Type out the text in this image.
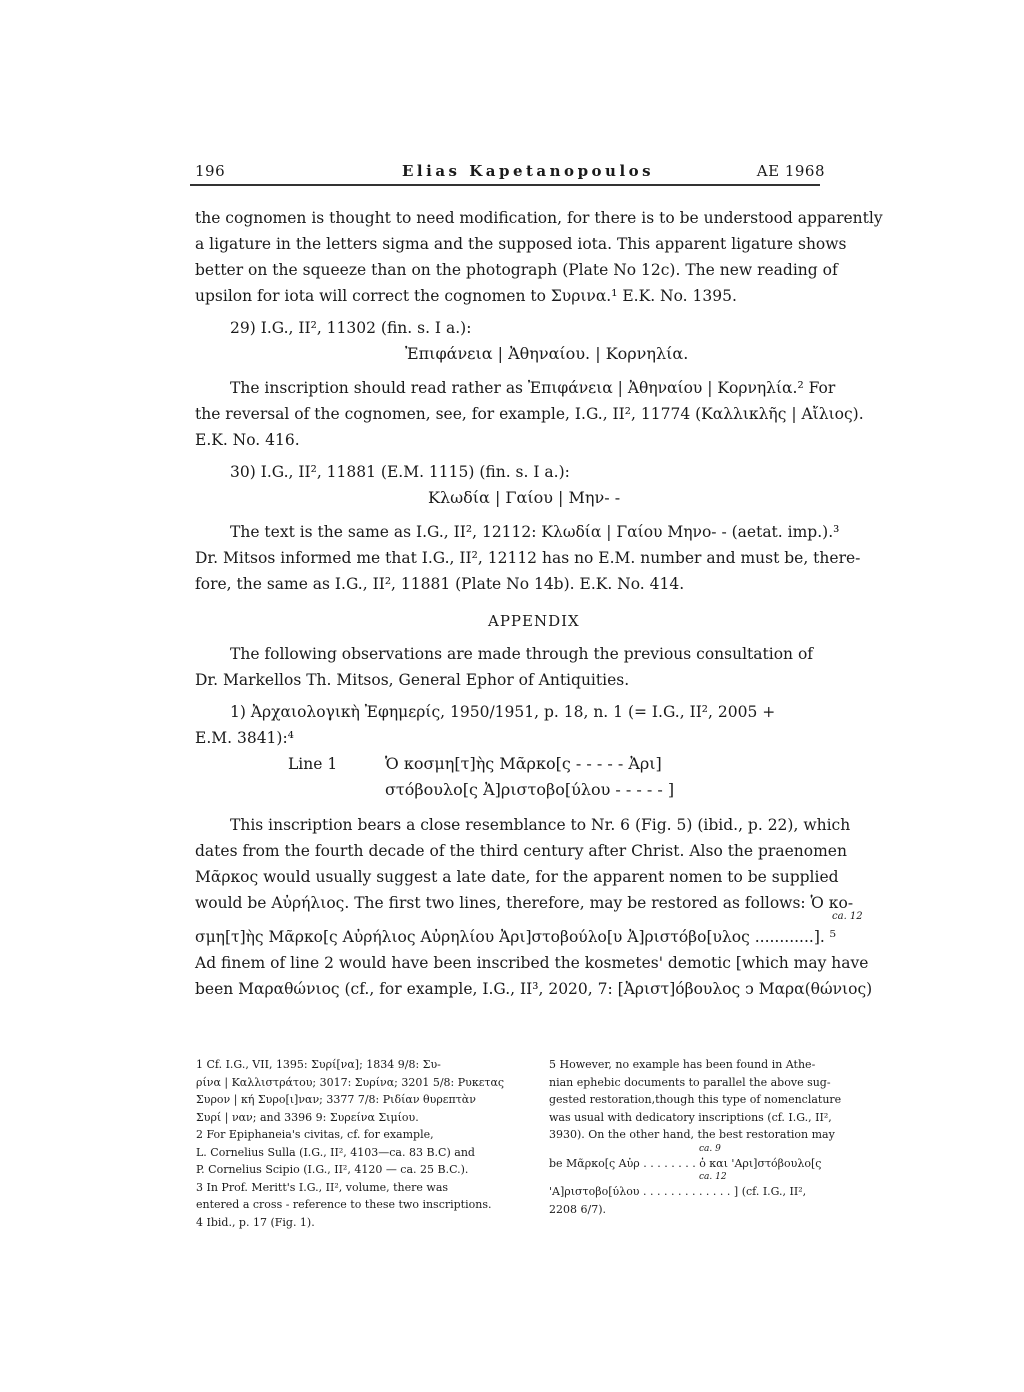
196	Elias Kapetanopoulos	AE 1968
the cognomen is thought to need modification, for there is to be understood apparently
a ligature in the letters sigma and the supposed iota. This apparent ligature shows
better on the squeeze than on the photograph (Plate No 12c). The new reading of
upsilon for iota will correct the cognomen to Συρινα.¹ E.K. No. 1395.
29) I.G., II², 11302 (fin. s. I a.):
Ἐπιφάνεια | Ἀθηναίου. | Κορνηλία.
The inscription should read rather as Ἐπιφάνεια | Ἀθηναίου | Κορνηλία.² For
the reversal of the cognomen, see, for example, I.G., II², 11774 (Καλλικλῆς | Αἴλιος).
E.K. No. 416.
30) I.G., II², 11881 (E.M. 1115) (fin. s. I a.):
Κλωδία | Γαίου | Μην- -
The text is the same as I.G., II², 12112: Κλωδία | Γαίου Μηνο- - (aetat. imp.).³
Dr. Mitsos informed me that I.G., II², 12112 has no E.M. number and must be, there-
fore, the same as I.G., II², 11881 (Plate No 14b). E.K. No. 414.
APPENDIX
The following observations are made through the previous consultation of
Dr. Markellos Th. Mitsos, General Ephor of Antiquities.
1) Ἀρχαιολογικὴ Ἐφημερίς, 1950/1951, p. 18, n. 1 (= I.G., II², 2005 +
E.M. 3841):⁴
Line 1	Ὁ κοσμη[τ]ὴς Μᾶρκο[ς - - - - - Ἀρι]
στόβουλο[ς Ἀ]ριστοβο[ύλου - - - - - ]
This inscription bears a close resemblance to Nr. 6 (Fig. 5) (ibid., p. 22), which
dates from the fourth decade of the third century after Christ. Also the praenomen
Μᾶρκος would usually suggest a late date, for the apparent nomen to be supplied
would be Αὐρήλιος. The first two lines, therefore, may be restored as follows: Ὁ κο-
ca. 12
σμη[τ]ὴς Μᾶρκο[ς Αὐρήλιος Αὐρηλίου Ἀρι]στοβούλο[υ Ἀ]ριστόβο[υλος ............]. ⁵
Ad finem of line 2 would have been inscribed the kosmetes' demotic [which may have
been Μαραθώνιος (cf., for example, I.G., II³, 2020, 7: [Ἀριστ]όβουλος ↄ Μαρα(θώνιος)
1 Cf. I.G., VII, 1395: Συρί[να]; 1834 9/8: Συ-
ρίνα | Καλλιστράτου; 3017: Συρίνα; 3201 5/8: Ρυκετας
Συρον | κή Συρο[ι]ναν; 3377 7/8: Ριδίαν θυρεπτὰν
Συρί | ναν; and 3396 9: Συρείνα Σιμίου.
2 For Epiphaneia's civitas, cf. for example,
L. Cornelius Sulla (I.G., II², 4103—ca. 83 B.C) and
P. Cornelius Scipio (I.G., II², 4120 — ca. 25 B.C.).
3 In Prof. Meritt's I.G., II², volume, there was
entered a cross - reference to these two inscriptions.
4 Ibid., p. 17 (Fig. 1).
5 However, no example has been found in Athe-
nian ephebic documents to parallel the above sug-
gested restoration,though this type of nomenclature
was usual with dedicatory inscriptions (cf. I.G., II²,
3930). On the other hand, the best restoration may
ca. 9
be Μᾶρκο[ς Αὐρ . . . . . . . . ὁ και 'Αρι]στόβουλο[ς
ca. 12
'Α]ριστοβο[ύλου . . . . . . . . . . . . . ] (cf. I.G., II²,
2208 6/7).
